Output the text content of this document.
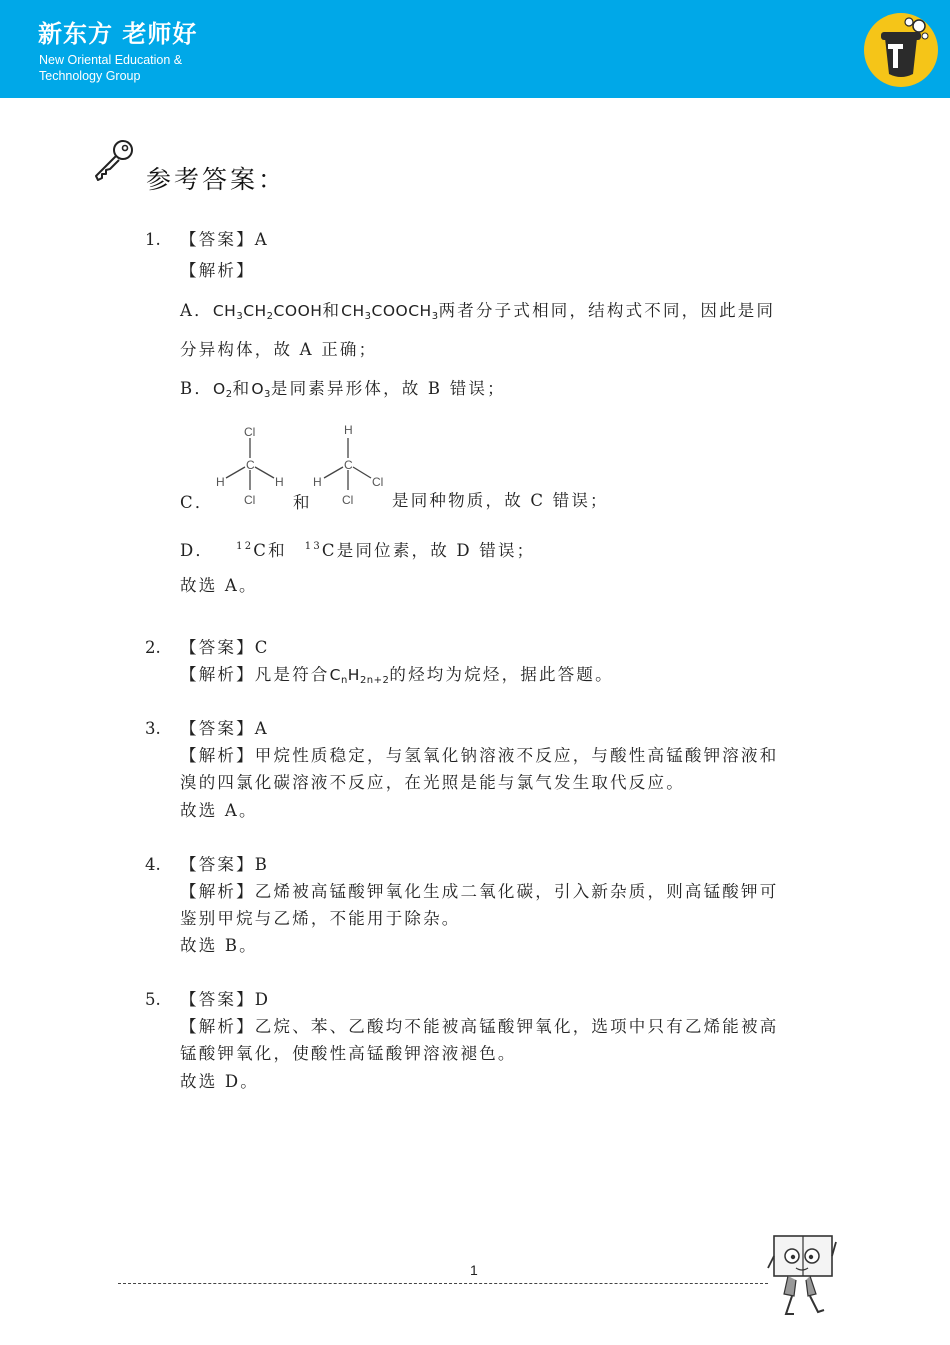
新东方 老师好
New Oriental Education &
Technology Group
参考答案：
1. 【答案】A
【解析】
A．$CH_3CH_2COOH$和$CH_3COOCH_3$两者分子式相同，结构式不同，因此是同
分异构体，故 A 正确；
B．$O_2$和$O_3$是同素异形体，故 B 错误；
C．
Cl
C
H	H
Cl 和
H
C
H	Cl
Cl 是同种物质，故 C 错误；
D． $^{12}$C和 $^{13}$C是同位素，故 D 错误；
故选 A。
2. 【答案】C
【解析】凡是符合$C_nH_{2n+2}$的烃均为烷烃，据此答题。
3. 【答案】A
【解析】甲烷性质稳定，与氢氧化钠溶液不反应，与酸性高锰酸钾溶液和
溴的四氯化碳溶液不反应，在光照是能与氯气发生取代反应。
故选 A。
4. 【答案】B
【解析】乙烯被高锰酸钾氧化生成二氧化碳，引入新杂质，则高锰酸钾可
鉴别甲烷与乙烯，不能用于除杂。
故选 B。
5. 【答案】D
【解析】乙烷、苯、乙酸均不能被高锰酸钾氧化，选项中只有乙烯能被高
锰酸钾氧化，使酸性高锰酸钾溶液褪色。
故选 D。
1
